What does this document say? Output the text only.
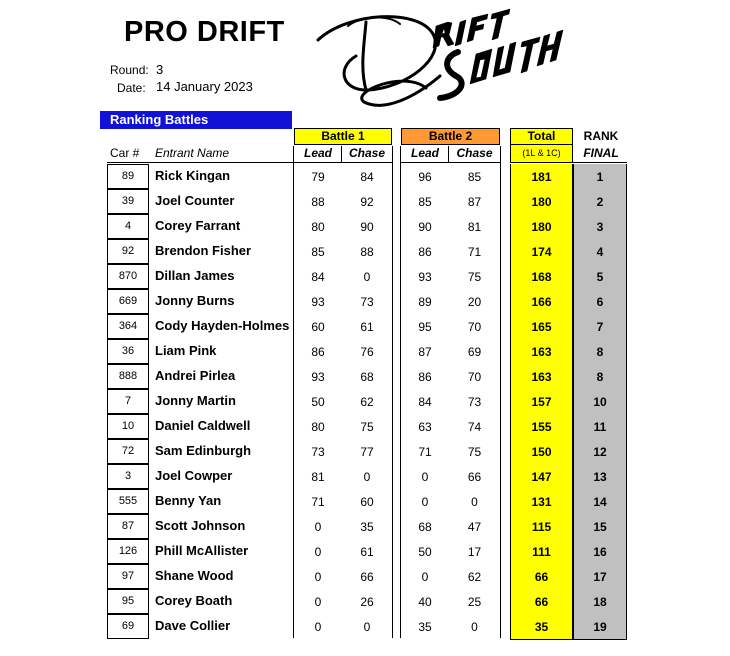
PRO DRIFT
Round: 3
Date: 14 January 2023
Ranking Battles
Battle 1	Battle 2	Total	RANK
Car # Entrant Name	Lead	Chase	Lead	Chase	(1L & 1C)	FINAL
89	Rick Kingan	79	84	96	85	181	1
39	Joel Counter	88	92	85	87	180	2
4	Corey Farrant	80	90	90	81	180	3
92	Brendon Fisher	85	88	86	71	174	4
870	Dillan James	84	0	93	75	168	5
669	Jonny Burns	93	73	89	20	166	6
364	Cody Hayden-Holmes	60	61	95	70	165	7
36	Liam Pink	86	76	87	69	163	8
888	Andrei Pirlea	93	68	86	70	163	8
7	Jonny Martin	50	62	84	73	157	10
10	Daniel Caldwell	80	75	63	74	155	11
72	Sam Edinburgh	73	77	71	75	150	12
3	Joel Cowper	81	0	0	66	147	13
555	Benny Yan	71	60	0	0	131	14
87	Scott Johnson	0	35	68	47	115	15
126	Phill McAllister	0	61	50	17	111	16
97	Shane Wood	0	66	0	62	66	17
95	Corey Boath	0	26	40	25	66	18
69	Dave Collier	0	0	35	0	35	19
